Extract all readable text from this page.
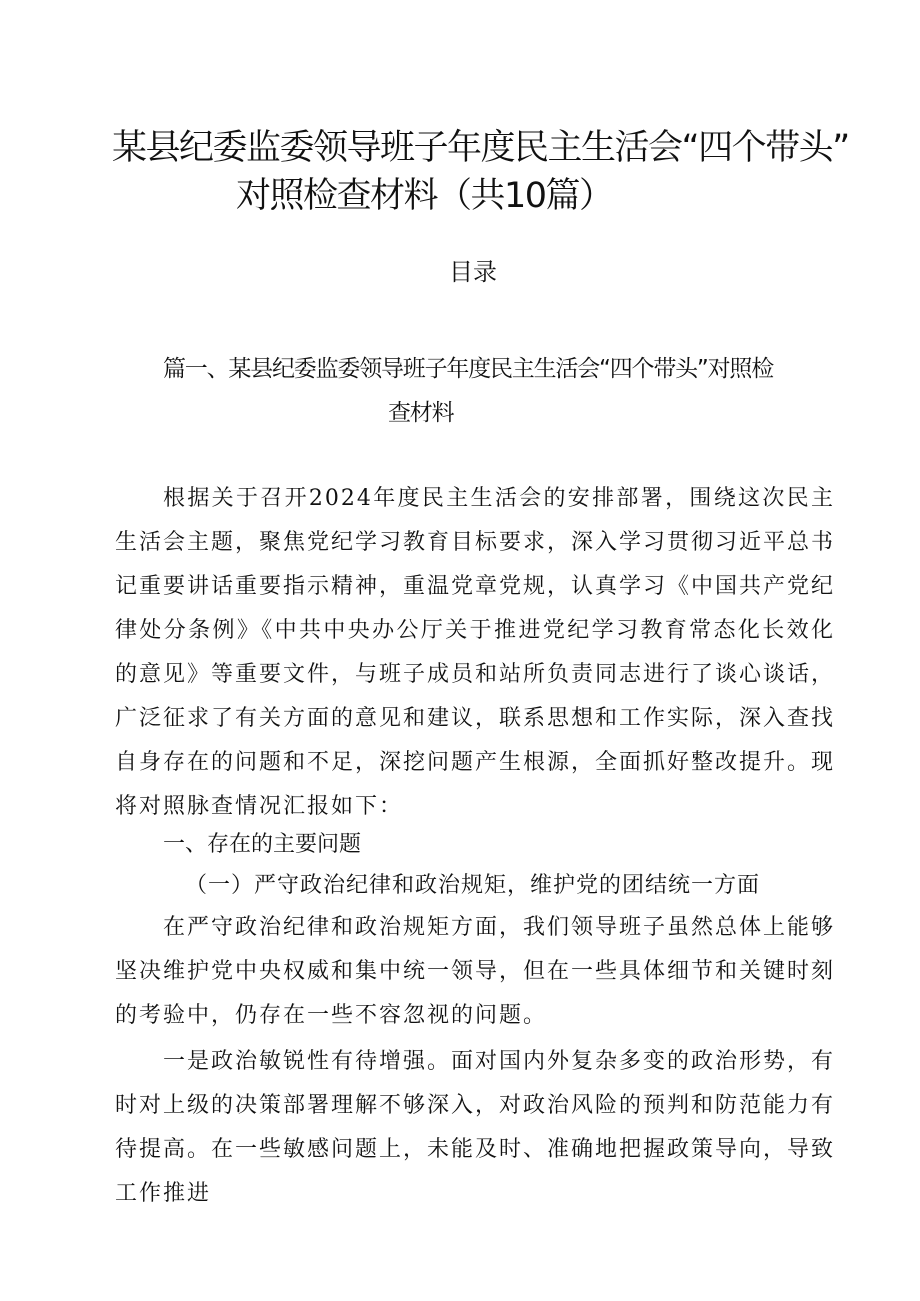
某县纪委监委领导班子年度民主生活会“四个带头”
对照检查材料（共10篇）
目录
篇一、某县纪委监委领导班子年度民主生活会“四个带头”对照检
查材料

根据关于召开2024年度民主生活会的安排部署，围绕这次民主生活会主题，聚焦党纪学习教育目标要求，深入学习贯彻习近平总书记重要讲话重要指示精神，重温党章党规，认真学习《中国共产党纪律处分条例》《中共中央办公厅关于推进党纪学习教育常态化长效化的意见》等重要文件，与班子成员和站所负责同志进行了谈心谈话，广泛征求了有关方面的意见和建议，联系思想和工作实际，深入查找自身存在的问题和不足，深挖问题产生根源，全面抓好整改提升。现将对照脉查情况汇报如下：

一、存在的主要问题

（一）严守政治纪律和政治规矩，维护党的团结统一方面

在严守政治纪律和政治规矩方面，我们领导班子虽然总体上能够坚决维护党中央权威和集中统一领导，但在一些具体细节和关键时刻的考验中，仍存在一些不容忽视的问题。

一是政治敏锐性有待增强。面对国内外复杂多变的政治形势，有时对上级的决策部署理解不够深入，对政治风险的预判和防范能力有待提高。在一些敏感问题上，未能及时、准确地把握政策导向，导致工作推进
